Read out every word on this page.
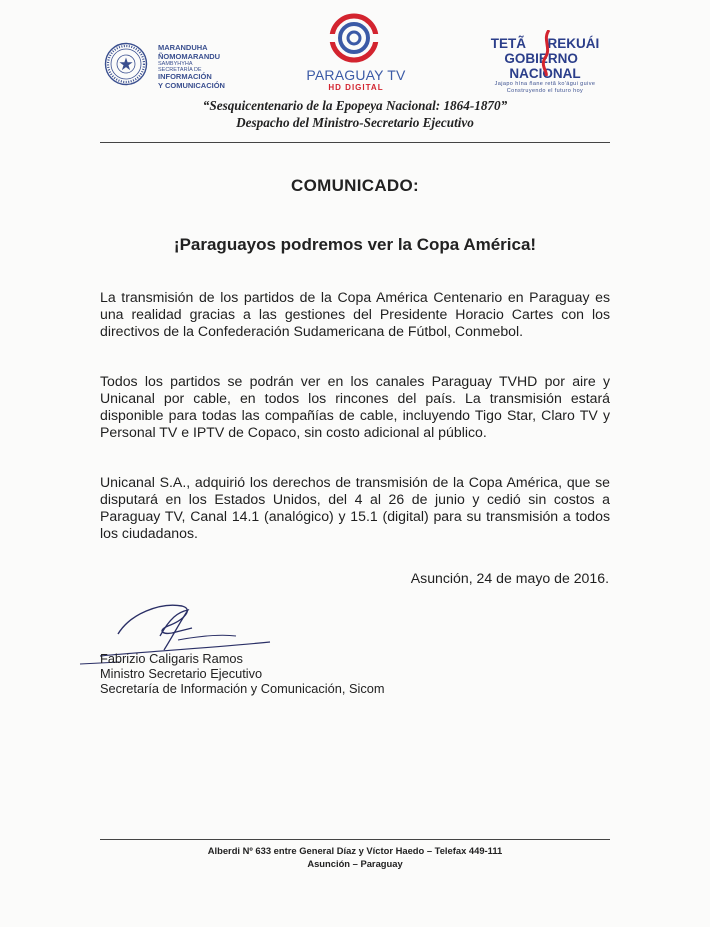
MARANDUHA
ÑOMOMARANDU
SAMBYHYHA
SECRETARÍA DE
INFORMACIÓN
Y COMUNICACIÓN
PARAGUAY TV
HD DIGITAL
TETÃ REKUÁI
GOBIERNO  NACIONAL
Jajapo hína ñane retã ko'águi guive
Construyendo el futuro hoy
“Sesquicentenario de la Epopeya Nacional: 1864-1870”
Despacho del Ministro-Secretario Ejecutivo
COMUNICADO:
¡Paraguayos podremos ver la Copa América!
La transmisión de los partidos de la Copa América Centenario en Paraguay es una realidad gracias a las gestiones del Presidente Horacio Cartes con los directivos de la Confederación Sudamericana de Fútbol, Conmebol.
Todos los partidos se podrán ver en los canales Paraguay TVHD por aire y Unicanal por cable, en todos los rincones del país. La transmisión estará disponible para todas las compañías de cable, incluyendo Tigo Star, Claro TV y Personal TV e IPTV de Copaco, sin costo adicional al público.
Unicanal S.A., adquirió los derechos de transmisión de la Copa América, que se disputará en los Estados Unidos, del 4 al 26 de junio y cedió sin costos a Paraguay TV, Canal 14.1 (analógico) y 15.1 (digital) para su transmisión a todos los ciudadanos.
Asunción, 24 de mayo de 2016.
Fabrizio Caligaris Ramos
Ministro Secretario Ejecutivo
Secretaría de Información y Comunicación, Sicom
Alberdi Nº 633 entre General Díaz y Víctor Haedo – Telefax 449-111
Asunción – Paraguay
